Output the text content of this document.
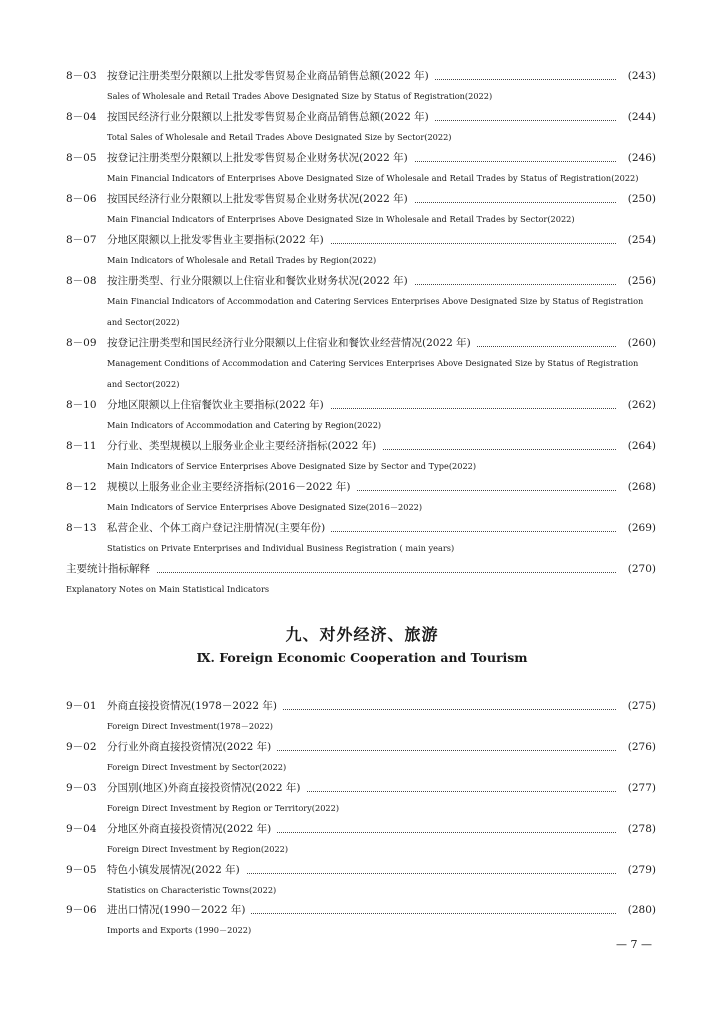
8－03 按登记注册类型分限额以上批发零售贸易企业商品销售总额(2022 年)	(243)
Sales of Wholesale and Retail Trades Above Designated Size by Status of Registration(2022)
8－04 按国民经济行业分限额以上批发零售贸易企业商品销售总额(2022 年)	(244)
Total Sales of Wholesale and Retail Trades Above Designated Size by Sector(2022)
8－05 按登记注册类型分限额以上批发零售贸易企业财务状况(2022 年)	(246)
Main Financial Indicators of Enterprises Above Designated Size of Wholesale and Retail Trades by Status of Registration(2022)
8－06 按国民经济行业分限额以上批发零售贸易企业财务状况(2022 年)	(250)
Main Financial Indicators of Enterprises Above Designated Size in Wholesale and Retail Trades by Sector(2022)
8－07 分地区限额以上批发零售业主要指标(2022 年)	(254)
Main Indicators of Wholesale and Retail Trades by Region(2022)
8－08 按注册类型、行业分限额以上住宿业和餐饮业财务状况(2022 年)	(256)
Main Financial Indicators of Accommodation and Catering Services Enterprises Above Designated Size by Status of Registration and Sector(2022)
8－09 按登记注册类型和国民经济行业分限额以上住宿业和餐饮业经营情况(2022 年)	(260)
Management Conditions of Accommodation and Catering Services Enterprises Above Designated Size by Status of Registration and Sector(2022)
8－10 分地区限额以上住宿餐饮业主要指标(2022 年)	(262)
Main Indicators of Accommodation and Catering by Region(2022)
8－11 分行业、类型规模以上服务业企业主要经济指标(2022 年)	(264)
Main Indicators of Service Enterprises Above Designated Size by Sector and Type(2022)
8－12 规模以上服务业企业主要经济指标(2016－2022 年)	(268)
Main Indicators of Service Enterprises Above Designated Size(2016－2022)
8－13 私营企业、个体工商户登记注册情况(主要年份)	(269)
Statistics on Private Enterprises and Individual Business Registration ( main years)
主要统计指标解释	(270)
Explanatory Notes on Main Statistical Indicators
九、对外经济、旅游
Ⅸ. Foreign Economic Cooperation and Tourism
9－01 外商直接投资情况(1978－2022 年)	(275)
Foreign Direct Investment(1978－2022)
9－02 分行业外商直接投资情况(2022 年)	(276)
Foreign Direct Investment by Sector(2022)
9－03 分国别(地区)外商直接投资情况(2022 年)	(277)
Foreign Direct Investment by Region or Territory(2022)
9－04 分地区外商直接投资情况(2022 年)	(278)
Foreign Direct Investment by Region(2022)
9－05 特色小镇发展情况(2022 年)	(279)
Statistics on Characteristic Towns(2022)
9－06 进出口情况(1990－2022 年)	(280)
Imports and Exports (1990－2022)
— 7 —
